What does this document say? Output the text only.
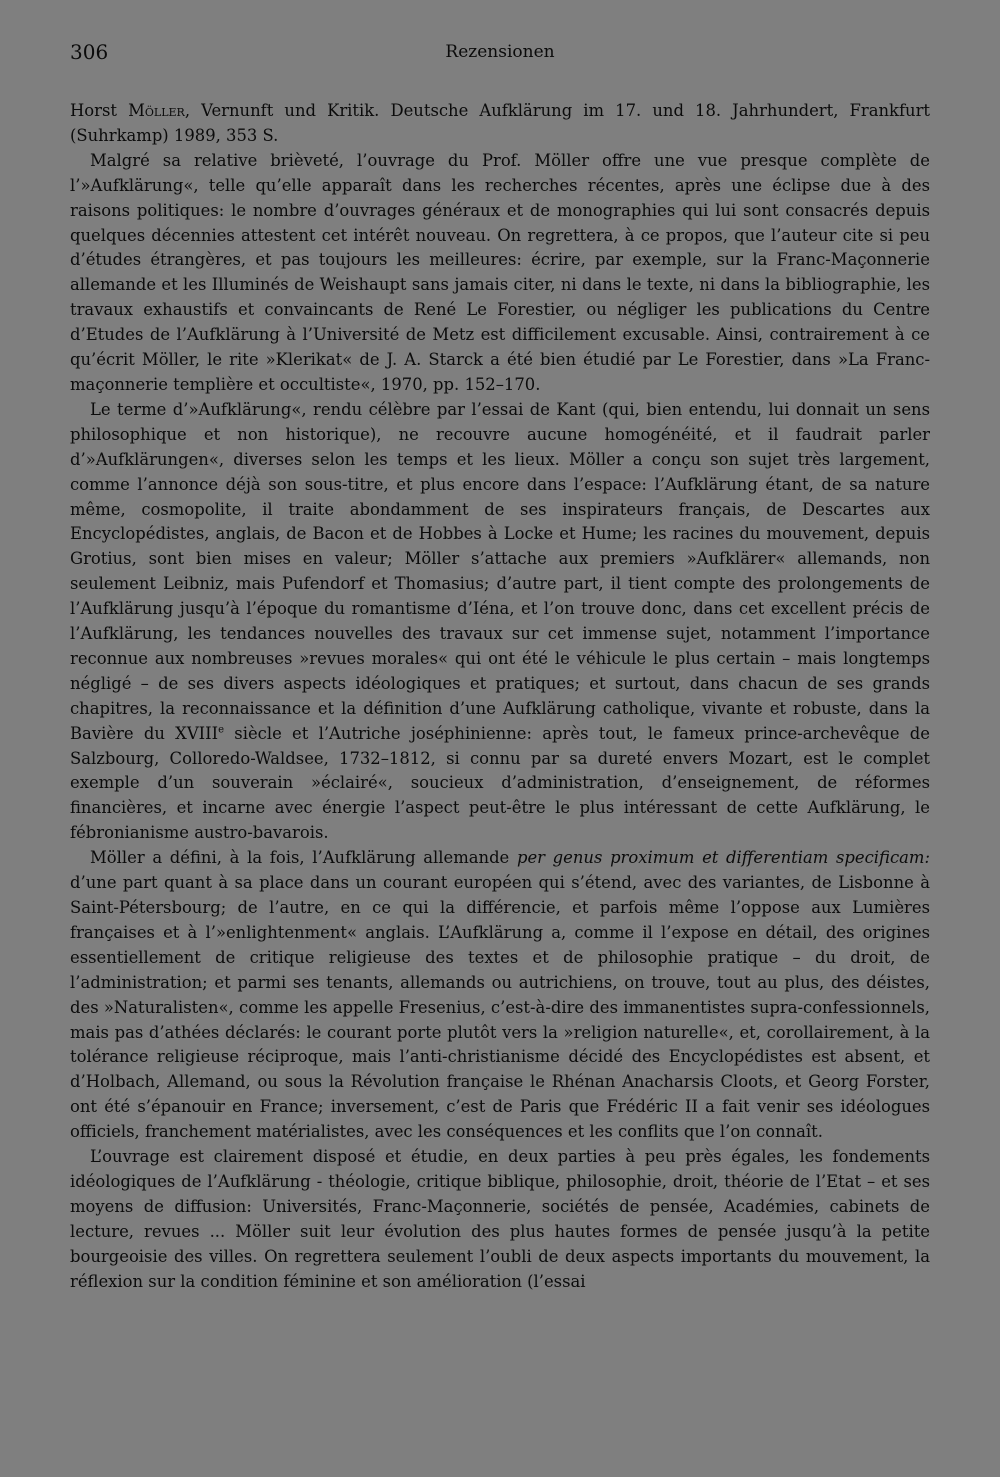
306	Rezensionen

Horst Möller, Vernunft und Kritik. Deutsche Aufklärung im 17. und 18. Jahrhundert, Frankfurt (Suhrkamp) 1989, 353 S.

Malgré sa relative brièveté, l’ouvrage du Prof. Möller offre une vue presque complète de l’»Aufklärung«, telle qu’elle apparaît dans les recherches récentes, après une éclipse due à des raisons politiques: le nombre d’ouvrages généraux et de monographies qui lui sont consacrés depuis quelques décennies attestent cet intérêt nouveau. On regrettera, à ce propos, que l’auteur cite si peu d’études étrangères, et pas toujours les meilleures: écrire, par exemple, sur la Franc-Maçonnerie allemande et les Illuminés de Weishaupt sans jamais citer, ni dans le texte, ni dans la bibliographie, les travaux exhaustifs et convaincants de René Le Forestier, ou négliger les publications du Centre d’Etudes de l’Aufklärung à l’Université de Metz est difficilement excusable. Ainsi, contrairement à ce qu’écrit Möller, le rite »Klerikat« de J. A. Starck a été bien étudié par Le Forestier, dans »La Franc-maçonnerie templière et occultiste«, 1970, pp. 152–170.

Le terme d’»Aufklärung«, rendu célèbre par l’essai de Kant (qui, bien entendu, lui donnait un sens philosophique et non historique), ne recouvre aucune homogénéité, et il faudrait parler d’»Aufklärungen«, diverses selon les temps et les lieux. Möller a conçu son sujet très largement, comme l’annonce déjà son sous-titre, et plus encore dans l’espace: l’Aufklärung étant, de sa nature même, cosmopolite, il traite abondamment de ses inspirateurs français, de Descartes aux Encyclopédistes, anglais, de Bacon et de Hobbes à Locke et Hume; les racines du mouvement, depuis Grotius, sont bien mises en valeur; Möller s’attache aux premiers »Aufklärer« allemands, non seulement Leibniz, mais Pufendorf et Thomasius; d’autre part, il tient compte des prolongements de l’Aufklärung jusqu’à l’époque du romantisme d’Iéna, et l’on trouve donc, dans cet excellent précis de l’Aufklärung, les tendances nouvelles des travaux sur cet immense sujet, notamment l’importance reconnue aux nombreuses »revues morales« qui ont été le véhicule le plus certain – mais longtemps négligé – de ses divers aspects idéologiques et pratiques; et surtout, dans chacun de ses grands chapitres, la reconnaissance et la définition d’une Aufklärung catholique, vivante et robuste, dans la Bavière du XVIIIe siècle et l’Autriche joséphinienne: après tout, le fameux prince-archevêque de Salzbourg, Colloredo-Waldsee, 1732–1812, si connu par sa dureté envers Mozart, est le complet exemple d’un souverain »éclairé«, soucieux d’administration, d’enseignement, de réformes financières, et incarne avec énergie l’aspect peut-être le plus intéressant de cette Aufklärung, le fébronianisme austro-bavarois.

Möller a défini, à la fois, l’Aufklärung allemande per genus proximum et differentiam specificam: d’une part quant à sa place dans un courant européen qui s’étend, avec des variantes, de Lisbonne à Saint-Pétersbourg; de l’autre, en ce qui la différencie, et parfois même l’oppose aux Lumières françaises et à l’»enlightenment« anglais. L’Aufklärung a, comme il l’expose en détail, des origines essentiellement de critique religieuse des textes et de philosophie pratique – du droit, de l’administration; et parmi ses tenants, allemands ou autrichiens, on trouve, tout au plus, des déistes, des »Naturalisten«, comme les appelle Fresenius, c’est-à-dire des immanentistes supra-confessionnels, mais pas d’athées déclarés: le courant porte plutôt vers la »religion naturelle«, et, corollairement, à la tolérance religieuse réciproque, mais l’anti-christianisme décidé des Encyclopédistes est absent, et d’Holbach, Allemand, ou sous la Révolution française le Rhénan Anacharsis Cloots, et Georg Forster, ont été s’épanouir en France; inversement, c’est de Paris que Frédéric II a fait venir ses idéologues officiels, franchement matérialistes, avec les conséquences et les conflits que l’on connaît.

L’ouvrage est clairement disposé et étudie, en deux parties à peu près égales, les fondements idéologiques de l’Aufklärung - théologie, critique biblique, philosophie, droit, théorie de l’Etat – et ses moyens de diffusion: Universités, Franc-Maçonnerie, sociétés de pensée, Académies, cabinets de lecture, revues ... Möller suit leur évolution des plus hautes formes de pensée jusqu’à la petite bourgeoisie des villes. On regrettera seulement l’oubli de deux aspects importants du mouvement, la réflexion sur la condition féminine et son amélioration (l’essai
